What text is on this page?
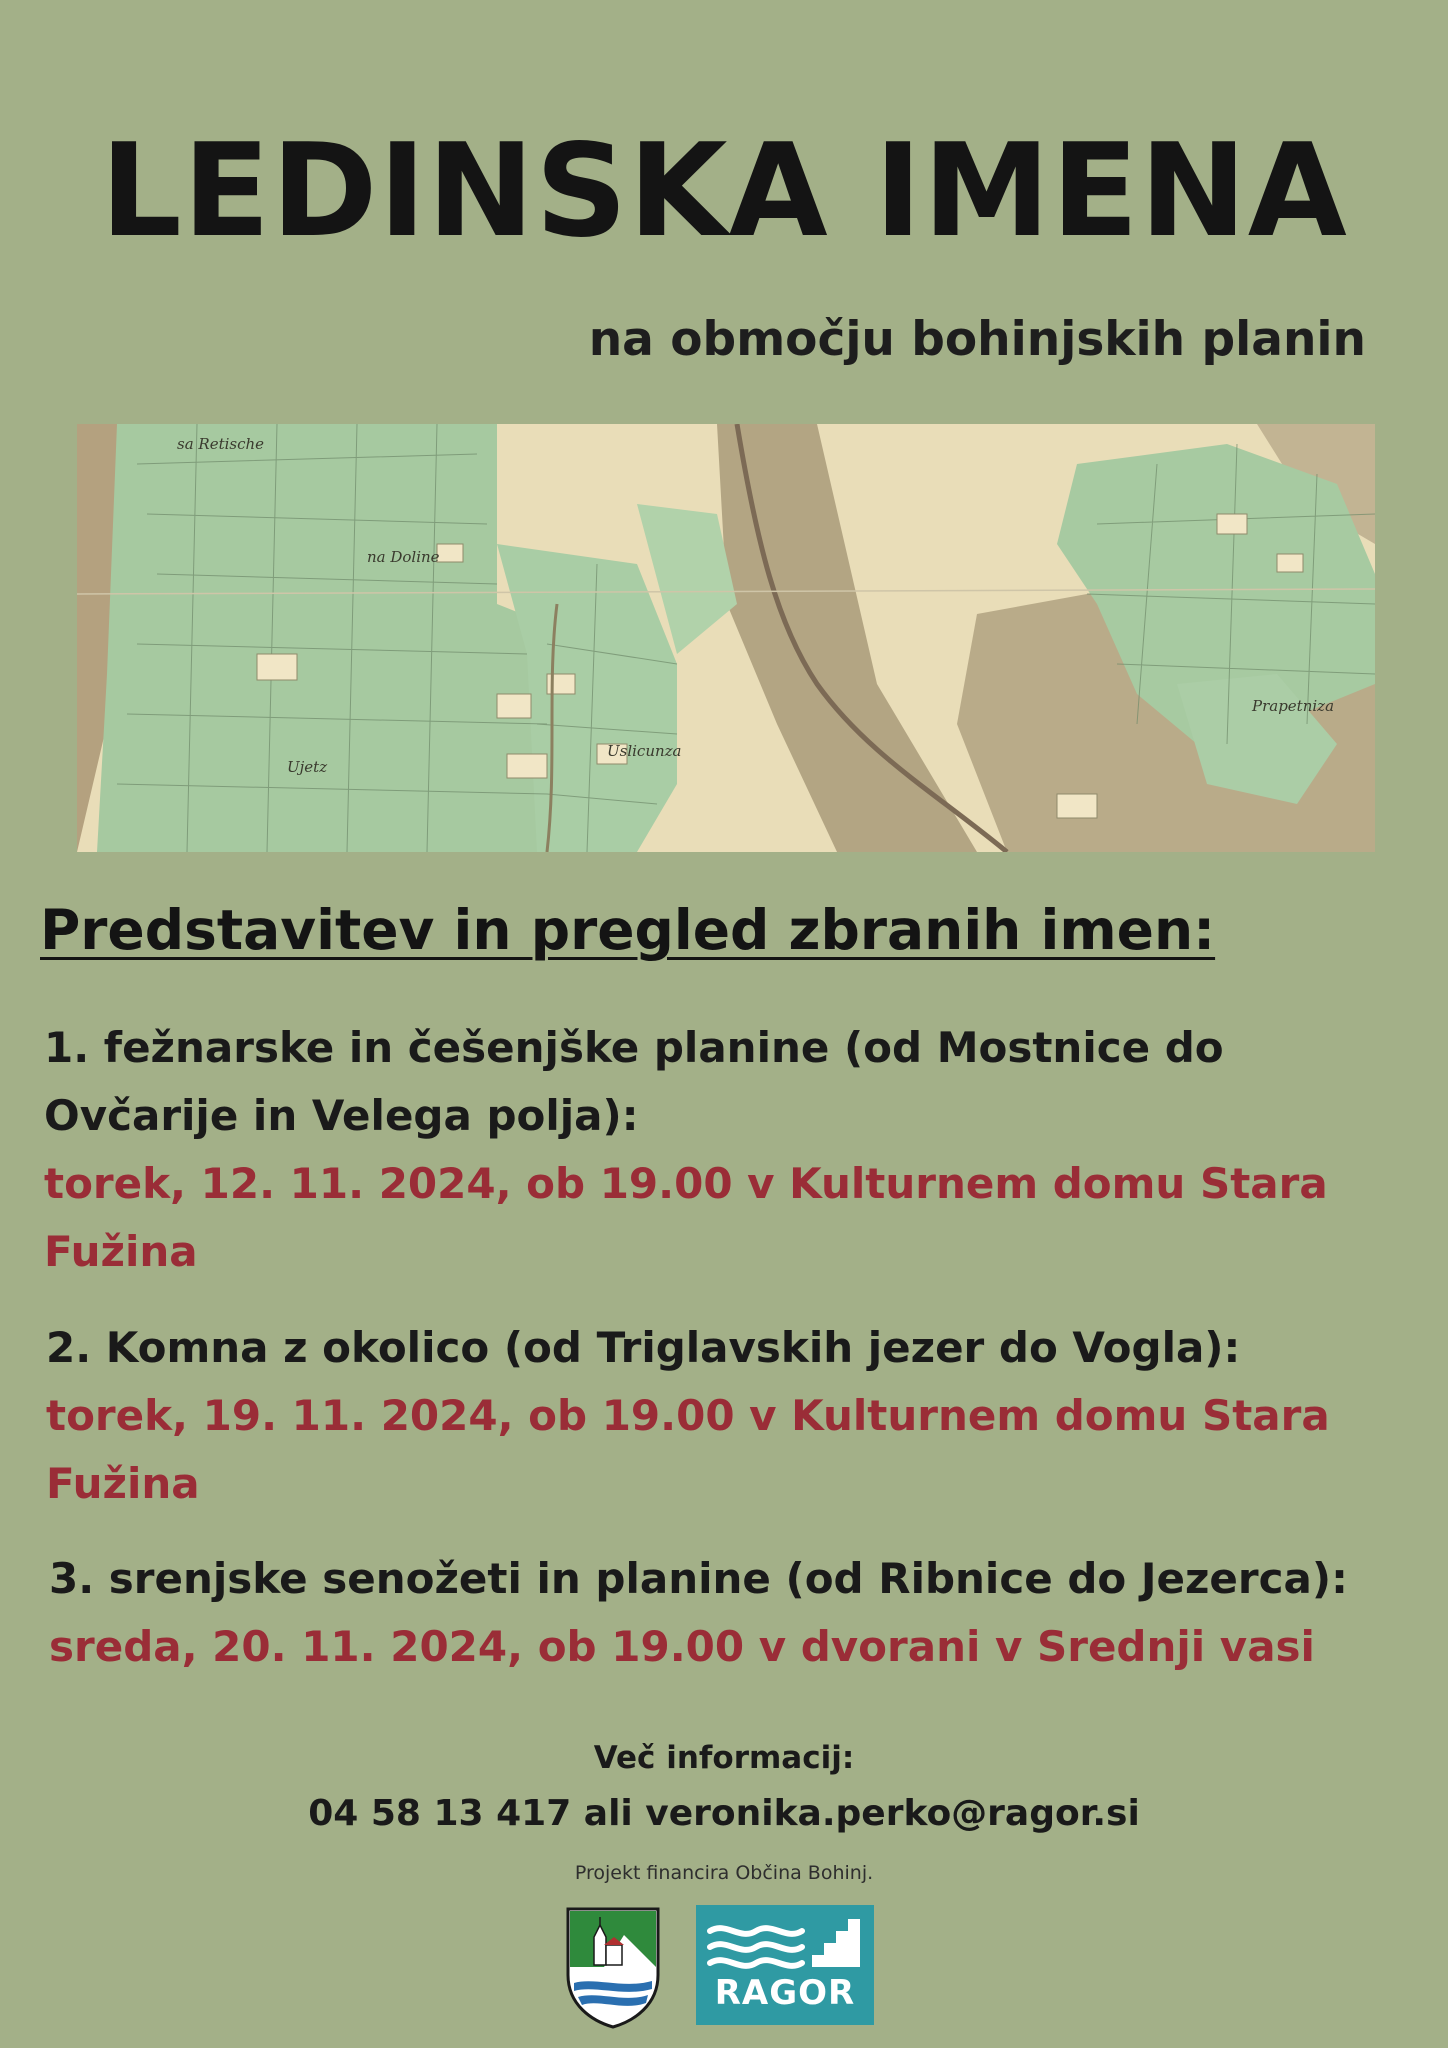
LEDINSKA IMENA
na območju bohinjskih planin
sa Retische
na Doline
Ujetz
Uslicunza
Prapetniza
Predstavitev in pregled zbranih imen:
1. fežnarske in češenjške planine (od Mostnice do Ovčarije in Velega polja):
torek, 12. 11. 2024, ob 19.00 v Kulturnem domu Stara Fužina
2. Komna z okolico (od Triglavskih jezer do Vogla):
torek, 19. 11. 2024, ob 19.00 v Kulturnem domu Stara Fužina
3. srenjske senožeti in planine (od Ribnice do Jezerca):
sreda, 20. 11. 2024, ob 19.00 v dvorani v Srednji vasi
Več informacij:
04 58 13 417 ali veronika.perko@ragor.si
Projekt financira Občina Bohinj.
RAGOR
